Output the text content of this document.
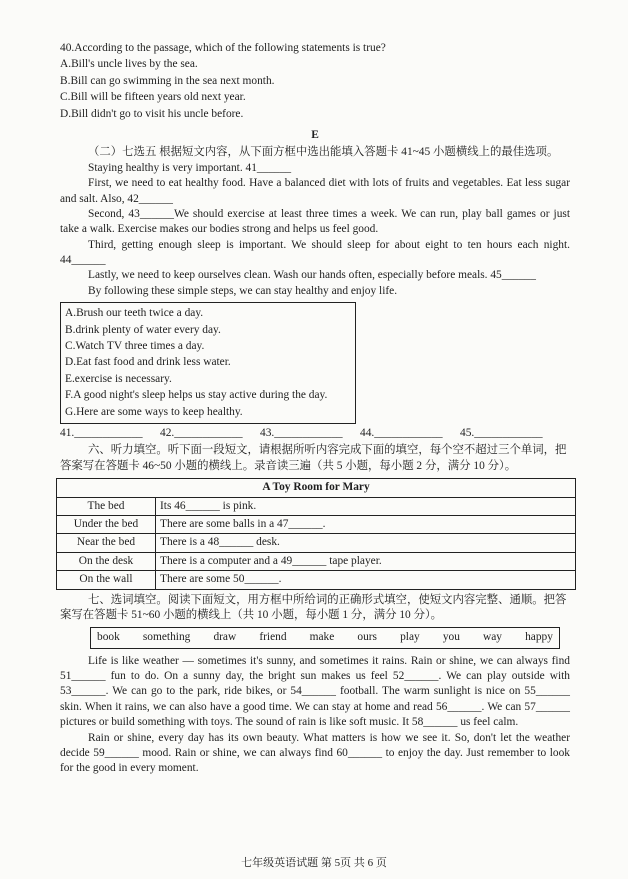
40.According to the passage, which of the following statements is true?

A.Bill's uncle lives by the sea.

B.Bill can go swimming in the sea next month.

C.Bill will be fifteen years old next year.

D.Bill didn't go to visit his uncle before.

E

（二）七选五 根据短文内容，从下面方框中选出能填入答题卡 41~45 小题横线上的最佳选项。

Staying healthy is very important. 41______

First, we need to eat healthy food. Have a balanced diet with lots of fruits and vegetables. Eat less sugar and salt. Also, 42______

Second, 43______We should exercise at least three times a week. We can run, play ball games or just take a walk. Exercise makes our bodies strong and helps us feel good.

Third, getting enough sleep is important. We should sleep for about eight to ten hours each night. 44______

Lastly, we need to keep ourselves clean. Wash our hands often, especially before meals. 45______

By following these simple steps, we can stay healthy and enjoy life.

A.Brush our teeth twice a day.

B.drink plenty of water every day.

C.Watch TV three times a day.

D.Eat fast food and drink less water.

E.exercise is necessary.

F.A good night's sleep helps us stay active during the day.

G.Here are some ways to keep healthy.

41.____________	42.____________	43.____________	44.____________	45.____________

六、听力填空。听下面一段短文，请根据所听内容完成下面的填空，每个空不超过三个单词，把答案写在答题卡 46~50 小题的横线上。录音读三遍（共 5 小题，每小题 2 分，满分 10 分）。

A Toy Room for Mary	
The bed	Its 46______ is pink.
Under the bed	There are some balls in a 47______.
Near the bed	There is a 48______ desk.
On the desk	There is a computer and a 49______ tape player.
On the wall	There are some 50______.

七、选词填空。阅读下面短文，用方框中所给词的正确形式填空，使短文内容完整、通顺。把答案写在答题卡 51~60 小题的横线上（共 10 小题，每小题 1 分，满分 10 分）。

book something draw friend make ours play you way happy

Life is like weather — sometimes it's sunny, and sometimes it rains. Rain or shine, we can always find 51______ fun to do. On a sunny day, the bright sun makes us feel 52______. We can play outside with 53______. We can go to the park, ride bikes, or 54______ football. The warm sunlight is nice on 55______ skin. When it rains, we can also have a good time. We can stay at home and read 56______. We can 57______ pictures or build something with toys. The sound of rain is like soft music. It 58______ us feel calm.

Rain or shine, every day has its own beauty. What matters is how we see it. So, don't let the weather decide 59______ mood. Rain or shine, we can always find 60______ to enjoy the day. Just remember to look for the good in every moment.

七年级英语试题 第 5页 共 6 页
